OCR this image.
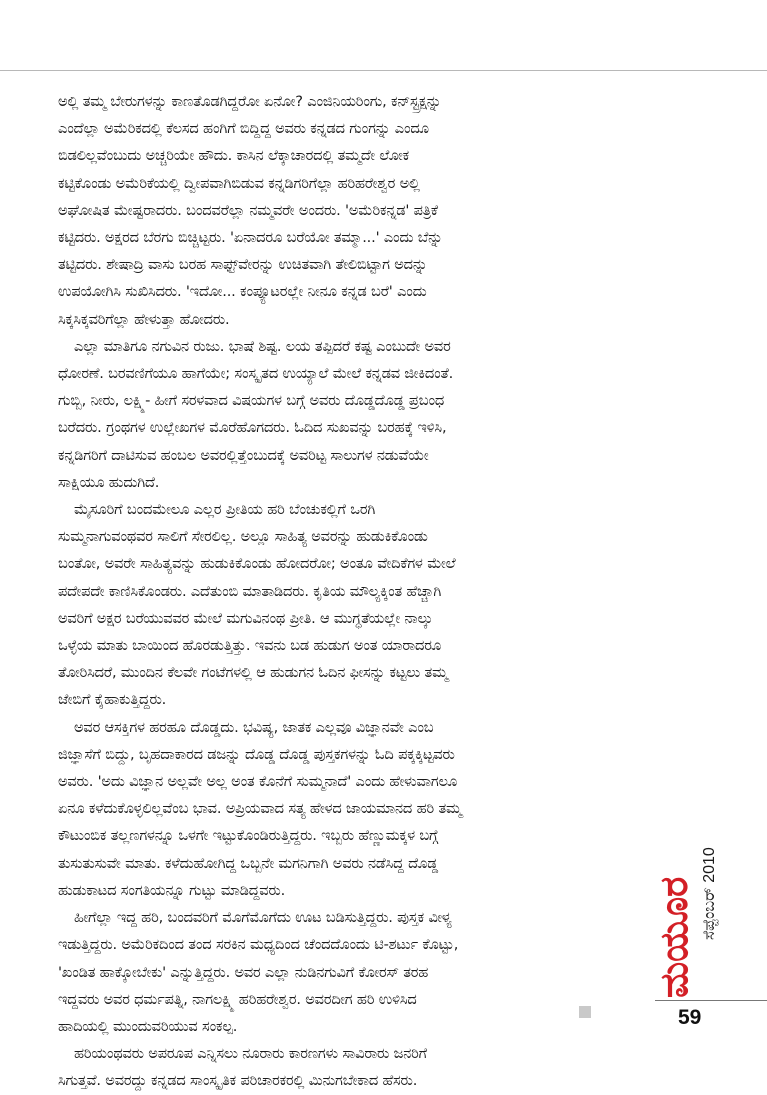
ಅಲ್ಲಿ ತಮ್ಮ ಬೇರುಗಳನ್ನು ಕಾಣತೊಡಗಿದ್ದರೋ ಏನೋ? ಎಂಜಿನಿಯರಿಂಗು, ಕನ್‌ಸ್ಟ್ರಕ್ಷನ್ನು
ಎಂದೆಲ್ಲಾ ಅಮೆರಿಕದಲ್ಲಿ ಕೆಲಸದ ಹಂಗಿಗೆ ಬಿದ್ದಿದ್ದ ಅವರು ಕನ್ನಡದ ಗುಂಗನ್ನು ಎಂದೂ
ಬಿಡಲಿಲ್ಲವೆಂಬುದು ಅಚ್ಚರಿಯೇ ಹೌದು. ಕಾಸಿನ ಲೆಕ್ಕಾಚಾರದಲ್ಲಿ ತಮ್ಮದೇ ಲೋಕ
ಕಟ್ಟಿಕೊಂಡು ಅಮೆರಿಕೆಯಲ್ಲಿ ದ್ವೀಪವಾಗಿಬಿಡುವ ಕನ್ನಡಿಗರಿಗೆಲ್ಲಾ ಹರಿಹರೇಶ್ವರ ಅಲ್ಲಿ
ಅಘೋಷಿತ ಮೇಷ್ಟರಾದರು. ಬಂದವರೆಲ್ಲಾ ನಮ್ಮವರೇ ಅಂದರು. 'ಅಮೆರಿಕನ್ನಡ' ಪತ್ರಿಕೆ
ಕಟ್ಟಿದರು. ಅಕ್ಷರದ ಬೆರಗು ಬಿಚ್ಚಿಟ್ಟರು. 'ಏನಾದರೂ ಬರೆಯೋ ತಮ್ಮಾ...' ಎಂದು ಬೆನ್ನು
ತಟ್ಟಿದರು. ಶೇಷಾದ್ರಿ ವಾಸು ಬರಹ ಸಾಫ್ಟ್‌ವೇರನ್ನು ಉಚಿತವಾಗಿ ತೇಲಿಬಿಟ್ಟಾಗ ಅದನ್ನು
ಉಪಯೋಗಿಸಿ ಸುಖಿಸಿದರು. 'ಇದೋ... ಕಂಪ್ಯೂಟರಲ್ಲೇ ನೀನೂ ಕನ್ನಡ ಬರೆ' ಎಂದು
ಸಿಕ್ಕಸಿಕ್ಕವರಿಗೆಲ್ಲಾ ಹೇಳುತ್ತಾ ಹೋದರು.
ಎಲ್ಲಾ ಮಾತಿಗೂ ನಗುವಿನ ರುಜು. ಭಾಷೆ ಶಿಷ್ಟ. ಲಯ ತಪ್ಪಿದರೆ ಕಷ್ಟ ಎಂಬುದೇ ಅವರ
ಧೋರಣೆ. ಬರವಣಿಗೆಯೂ ಹಾಗೆಯೇ; ಸಂಸ್ಕೃತದ ಉಯ್ಯಾಲೆ ಮೇಲೆ ಕನ್ನಡವ ಜೀಕಿದಂತೆ.
ಗುಬ್ಬಿ, ನೀರು, ಲಕ್ಷ್ಮಿ- ಹೀಗೆ ಸರಳವಾದ ವಿಷಯಗಳ ಬಗ್ಗೆ ಅವರು ದೊಡ್ಡದೊಡ್ಡ ಪ್ರಬಂಧ
ಬರೆದರು. ಗ್ರಂಥಗಳ ಉಲ್ಲೇಖಗಳ ಮೊರೆಹೊಗದರು. ಓದಿದ ಸುಖವನ್ನು ಬರಹಕ್ಕೆ ಇಳಿಸಿ,
ಕನ್ನಡಿಗರಿಗೆ ದಾಟಿಸುವ ಹಂಬಲ ಅವರಲ್ಲಿತ್ತೆಂಬುದಕ್ಕೆ ಅವರಿಟ್ಟ ಸಾಲುಗಳ ನಡುವೆಯೇ
ಸಾಕ್ಷಿಯೂ ಹುದುಗಿದೆ.
ಮೈಸೂರಿಗೆ ಬಂದಮೇಲೂ ಎಲ್ಲರ ಪ್ರೀತಿಯ ಹರಿ ಬೆಂಚುಕಲ್ಲಿಗೆ ಒರಗಿ
ಸುಮ್ಮನಾಗುವಂಥವರ ಸಾಲಿಗೆ ಸೇರಲಿಲ್ಲ. ಅಲ್ಲೂ ಸಾಹಿತ್ಯ ಅವರನ್ನು ಹುಡುಕಿಕೊಂಡು
ಬಂತೋ, ಅವರೇ ಸಾಹಿತ್ಯವನ್ನು ಹುಡುಕಿಕೊಂಡು ಹೋದರೋ; ಅಂತೂ ವೇದಿಕೆಗಳ ಮೇಲೆ
ಪದೇಪದೇ ಕಾಣಿಸಿಕೊಂಡರು. ಎದೆತುಂಬಿ ಮಾತಾಡಿದರು. ಕೃತಿಯ ಮೌಲ್ಯಕ್ಕಿಂತ ಹೆಚ್ಚಾಗಿ
ಅವರಿಗೆ ಅಕ್ಷರ ಬರೆಯುವವರ ಮೇಲೆ ಮಗುವಿನಂಥ ಪ್ರೀತಿ. ಆ ಮುಗ್ಧತೆಯಲ್ಲೇ ನಾಲ್ಕು
ಒಳ್ಳೆಯ ಮಾತು ಬಾಯಿಂದ ಹೊರಡುತ್ತಿತ್ತು. ಇವನು ಬಡ ಹುಡುಗ ಅಂತ ಯಾರಾದರೂ
ತೋರಿಸಿದರೆ, ಮುಂದಿನ ಕೆಲವೇ ಗಂಟೆಗಳಲ್ಲಿ ಆ ಹುಡುಗನ ಓದಿನ ಫೀಸನ್ನು ಕಟ್ಟಲು ತಮ್ಮ
ಜೇಬಿಗೆ ಕೈಹಾಕುತ್ತಿದ್ದರು.
ಅವರ ಆಸಕ್ತಿಗಳ ಹರಹೂ ದೊಡ್ಡದು. ಭವಿಷ್ಯ, ಜಾತಕ ಎಲ್ಲವೂ ವಿಜ್ಞಾನವೇ ಎಂಬ
ಜಿಜ್ಞಾಸೆಗೆ ಬಿದ್ದು, ಬೃಹದಾಕಾರದ ಡಜನ್ನು ದೊಡ್ಡ ದೊಡ್ಡ ಪುಸ್ತಕಗಳನ್ನು ಓದಿ ಪಕ್ಕಕ್ಕಿಟ್ಟವರು
ಅವರು. 'ಅದು ವಿಜ್ಞಾನ ಅಲ್ಲವೇ ಅಲ್ಲ ಅಂತ ಕೊನೆಗೆ ಸುಮ್ಮನಾದೆ' ಎಂದು ಹೇಳುವಾಗಲೂ
ಏನೂ ಕಳೆದುಕೊಳ್ಳಲಿಲ್ಲವೆಂಬ ಭಾವ. ಅಪ್ರಿಯವಾದ ಸತ್ಯ ಹೇಳದ ಜಾಯಮಾನದ ಹರಿ ತಮ್ಮ
ಕೌಟುಂಬಿಕ ತಲ್ಲಣಗಳನ್ನೂ ಒಳಗೇ ಇಟ್ಟುಕೊಂಡಿರುತ್ತಿದ್ದರು. ಇಬ್ಬರು ಹೆಣ್ಣುಮಕ್ಕಳ ಬಗ್ಗೆ
ತುಸುತುಸುವೇ ಮಾತು. ಕಳೆದುಹೋಗಿದ್ದ ಒಬ್ಬನೇ ಮಗನಿಗಾಗಿ ಅವರು ನಡೆಸಿದ್ದ ದೊಡ್ಡ
ಹುಡುಕಾಟದ ಸಂಗತಿಯನ್ನೂ ಗುಟ್ಟು ಮಾಡಿದ್ದವರು.
ಹೀಗೆಲ್ಲಾ ಇದ್ದ ಹರಿ, ಬಂದವರಿಗೆ ಮೊಗೆಮೊಗೆದು ಊಟ ಬಡಿಸುತ್ತಿದ್ದರು. ಪುಸ್ತಕ ವೀಳ್ಯ
ಇಡುತ್ತಿದ್ದರು. ಅಮೆರಿಕದಿಂದ ತಂದ ಸರಕಿನ ಮಧ್ಯದಿಂದ ಚೆಂದದೊಂದು ಟಿ-ಶರ್ಟು ಕೊಟ್ಟು,
'ಖಂಡಿತ ಹಾಕ್ಕೋಬೇಕು' ಎನ್ನುತ್ತಿದ್ದರು. ಅವರ ಎಲ್ಲಾ ನುಡಿನಗುವಿಗೆ ಕೋರಸ್ ತರಹ
ಇದ್ದವರು ಅವರ ಧರ್ಮಪತ್ನಿ, ನಾಗಲಕ್ಷ್ಮಿ ಹರಿಹರೇಶ್ವರ. ಅವರದೀಗ ಹರಿ ಉಳಿಸಿದ
ಹಾದಿಯಲ್ಲಿ ಮುಂದುವರಿಯುವ ಸಂಕಲ್ಪ.
ಹರಿಯಂಥವರು ಅಪರೂಪ ಎನ್ನಿಸಲು ನೂರಾರು ಕಾರಣಗಳು ಸಾವಿರಾರು ಜನರಿಗೆ
ಸಿಗುತ್ತವೆ. ಅವರದ್ದು ಕನ್ನಡದ ಸಾಂಸ್ಕೃತಿಕ ಪರಿಚಾರಕರಲ್ಲಿ ಮಿನುಗಬೇಕಾದ ಹೆಸರು.
ಸೆಪ್ಟೆಂಬರ್ 2010
ಮಯೂರ
59
